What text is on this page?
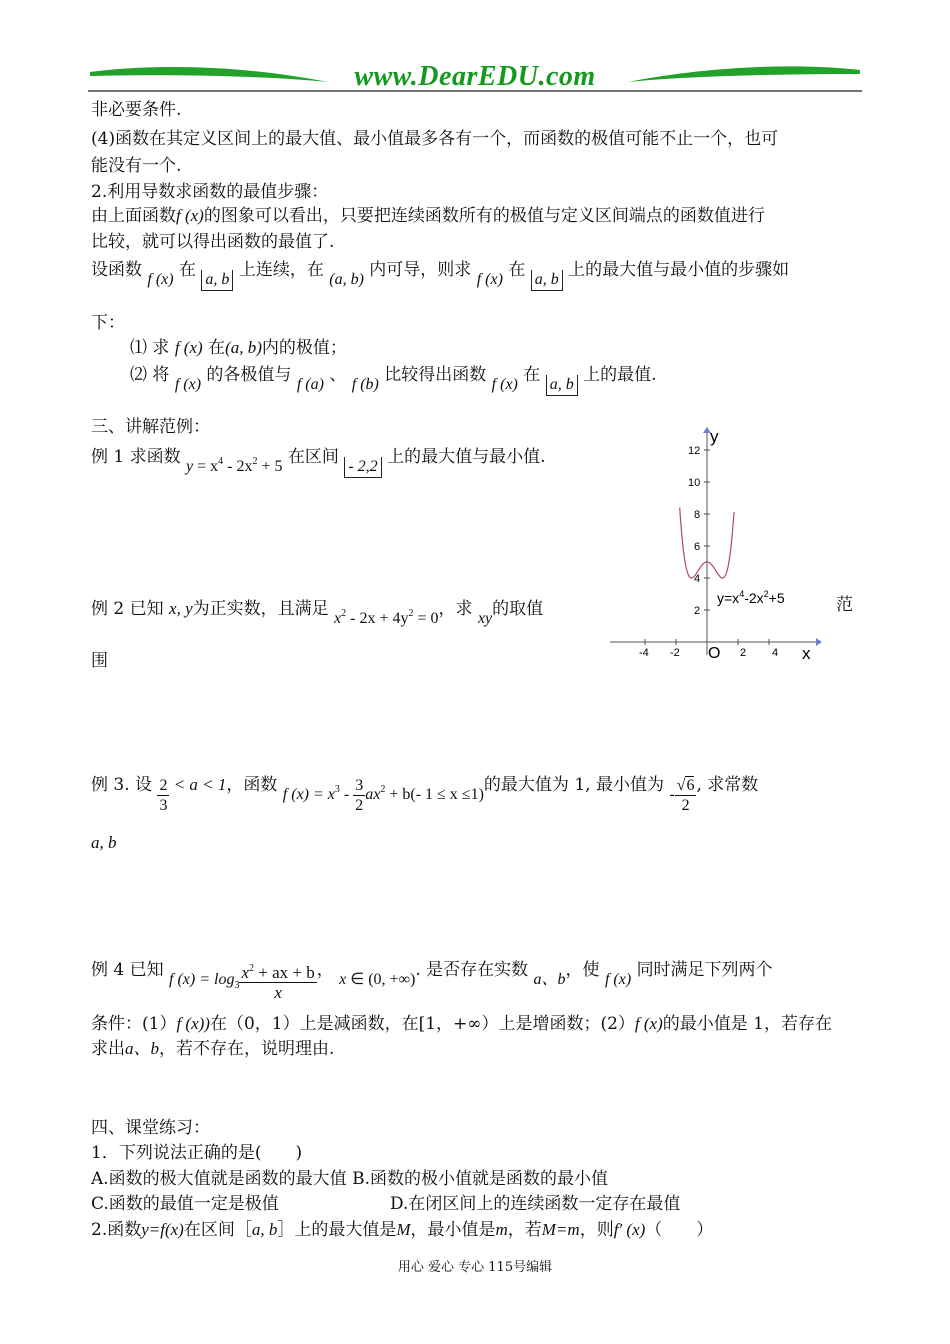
www.DearEDU.com
非必要条件.
(4)函数在其定义区间上的最大值、最小值最多各有一个，而函数的极值可能不止一个，也可
能没有一个.
2.利用导数求函数的最值步骤：
由上面函数f (x)的图象可以看出，只要把连续函数所有的极值与定义区间端点的函数值进行
比较，就可以得出函数的最值了.
设函数 f (x) 在 a, b 上连续，在 (a, b) 内可导，则求 f (x) 在 a, b 上的最大值与最小值的步骤如
下：
⑴ 求 f (x) 在(a, b)内的极值；
⑵ 将 f (x) 的各极值与 f (a) 、 f (b) 比较得出函数 f (x) 在 a, b 上的最值.
三、讲解范例：
例 1 求函数 $y = x^4 - 2x^2 + 5$ 在区间 - 2,2 上的最大值与最小值.
-4 -2	2 4
2
4
6
8
10
12
y
x
O
$y=x^4-2x^2+5$
例 2 已知 x, y为正实数，且满足 $x^2 - 2x + 4y^2 = 0$，求 xy的取值	范
围
例 3. 设 $\frac{2}{3} < a < 1$，函数 f $(x) = x^3 - \frac{3}{2} ax^2 + b(-$ 1 ≤ x ≤1)的最大值为 1, 最小值为 - $\frac{√6}{2}$ , 求常数
a, b
例 4 已知 f $(x) = \log_3 \frac{x^2 + ax + b}{x}$ ， x ∈ (0, +∞). 是否存在实数 a、b，使 f (x) 同时满足下列两个
条件：(1）f (x))在（0，1）上是减函数，在[1，+∞）上是增函数；(2）f (x)的最小值是 1，若存在
求出a、b，若不存在，说明理由.
四、课堂练习：
1．下列说法正确的是(　　)
A.函数的极大值就是函数的最大值 B.函数的极小值就是函数的最小值
C.函数的最值一定是极值	D.在闭区间上的连续函数一定存在最值
2.函数y=f(x)在区间［a, b］上的最大值是M，最小值是m，若M=m，则f′ (x)（　　）
用心 爱心 专心 115号编辑
